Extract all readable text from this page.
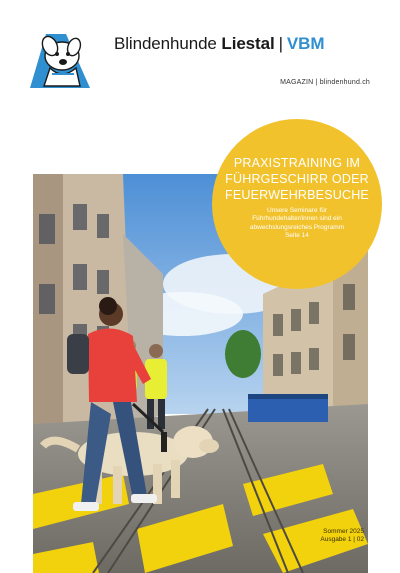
Blindenhunde Liestal | VBM
MAGAZIN | blindenhund.ch
PRAXISTRAINING IM FÜHRGESCHIRR ODER FEUERWEHRBESUCHE
Unsere Seminare für Führhundehalter/innen sind ein abwechslungsreiches Programm Seite 14
Sommer 2025
Ausgabe 1 | 02
